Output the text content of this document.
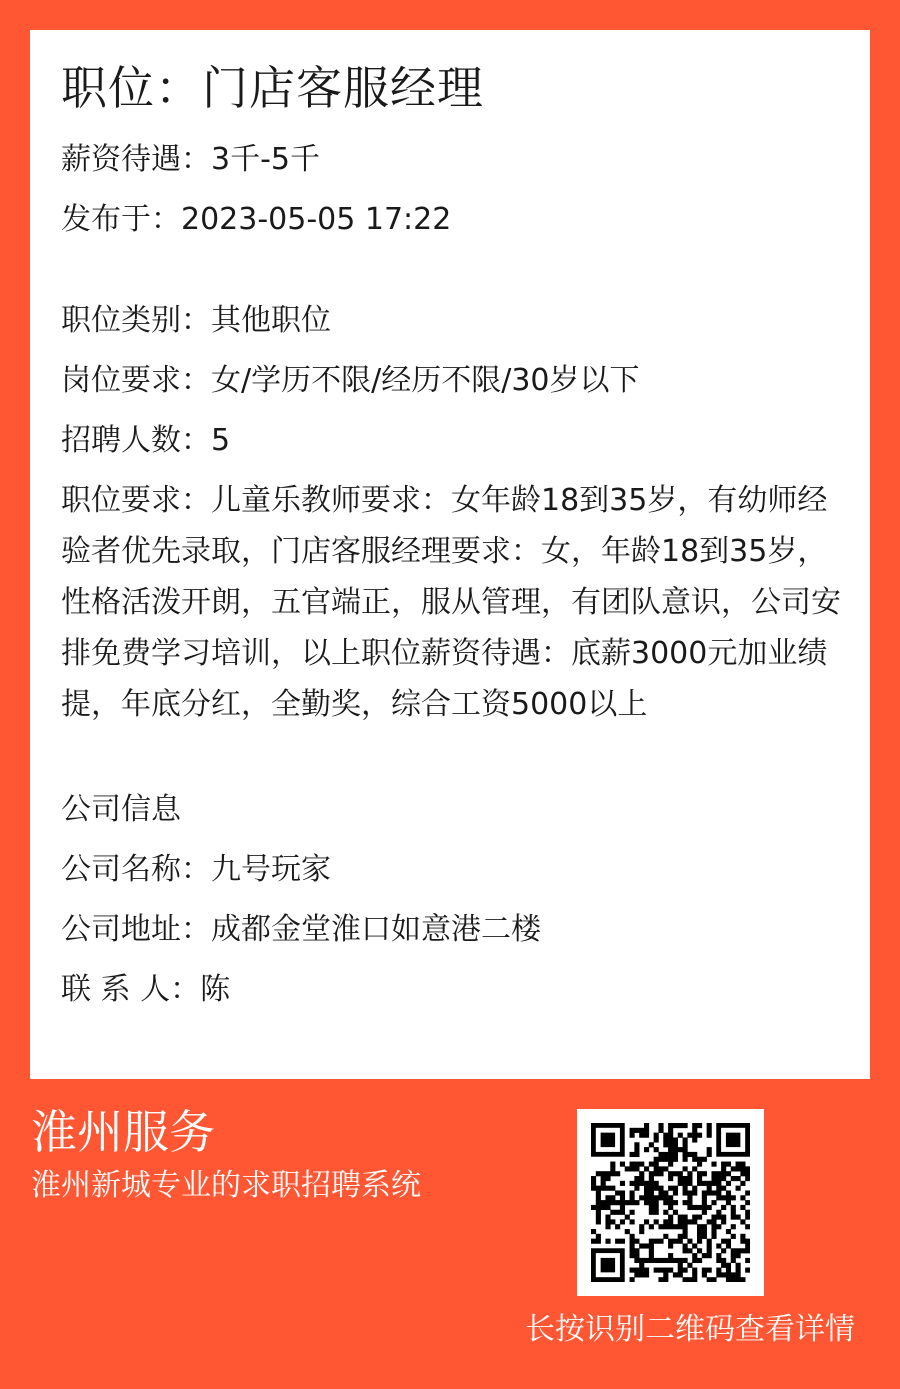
职位：门店客服经理
薪资待遇：3千-5千
发布于：2023-05-05 17:22
职位类别：其他职位
岗位要求：女/学历不限/经历不限/30岁以下
招聘人数：5
职位要求：儿童乐教师要求：女年龄18到35岁，有幼师经验者优先录取，门店客服经理要求：女，年龄18到35岁，性格活泼开朗，五官端正，服从管理，有团队意识，公司安排免费学习培训，以上职位薪资待遇：底薪3000元加业绩提，年底分红，全勤奖，综合工资5000以上
公司信息
公司名称：九号玩家
公司地址：成都金堂淮口如意港二楼
联 系 人：陈
淮州服务
淮州新城专业的求职招聘系统
长按识别二维码查看详情
